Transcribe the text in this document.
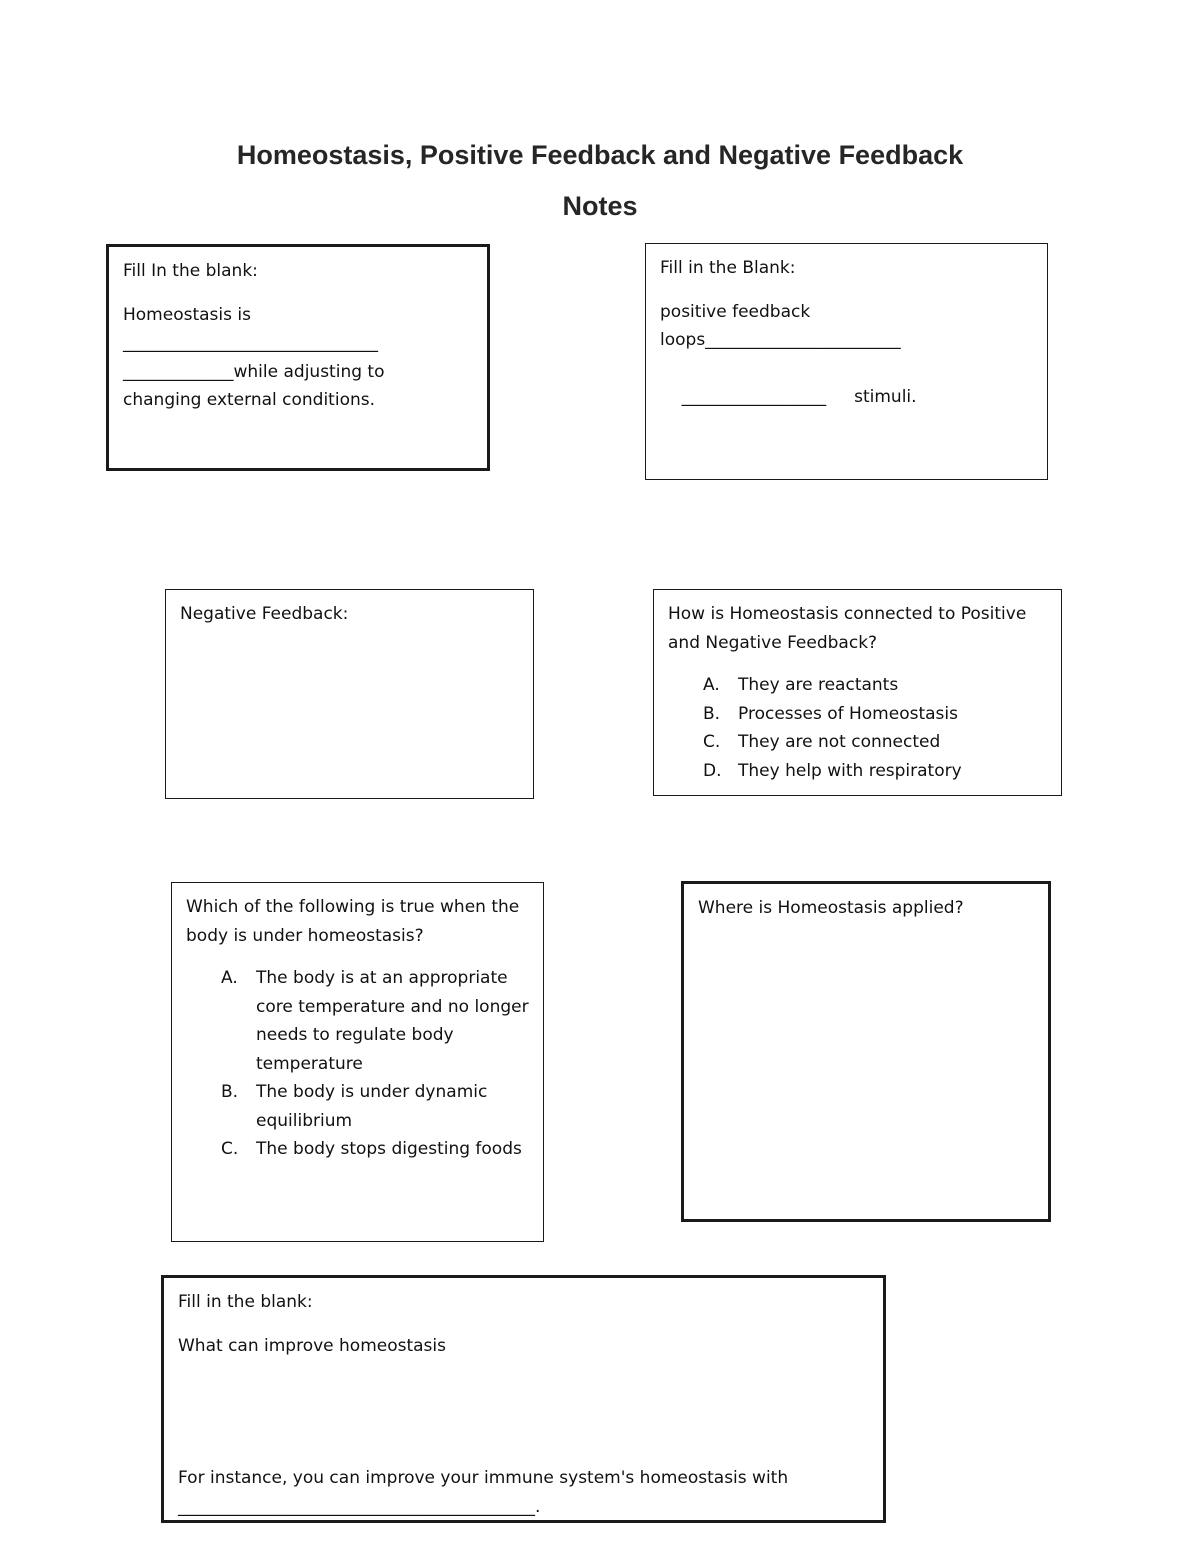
Homeostasis, Positive Feedback and Negative Feedback
Notes

Fill In the blank:

Homeostasis is

______________________________

_____________while adjusting to

changing external conditions.

Fill in the Blank:

positive feedback

loops_______________________

_________________ stimuli.

Negative Feedback:	How is Homeostasis connected to Positive and Negative Feedback?

A. They are reactants
B. Processes of Homeostasis
C. They are not connected
D. They help with respiratory

Which of the following is true when the body is under homeostasis?

A. The body is at an appropriate core temperature and no longer needs to regulate body temperature
B. The body is under dynamic equilibrium
C. The body stops digesting foods

Where is Homeostasis applied?

Fill in the blank:

What can improve homeostasis

For instance, you can improve your immune system's homeostasis with

__________________________________________.
